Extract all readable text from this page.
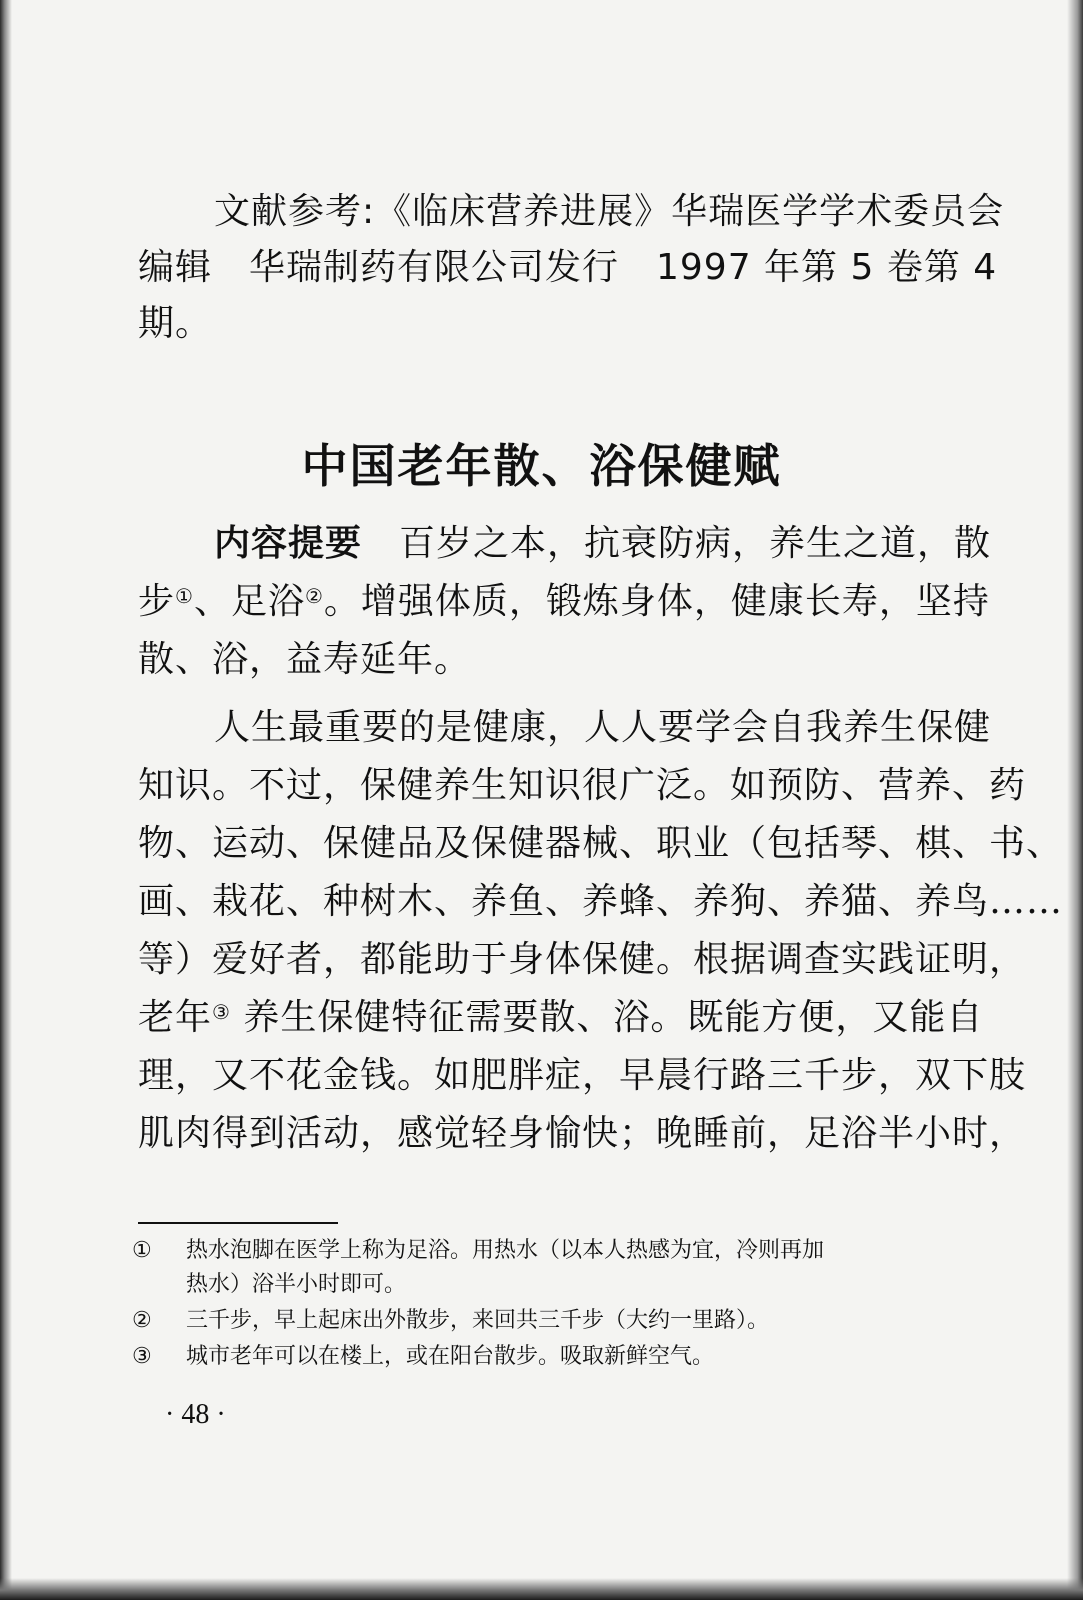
文献参考:《临床营养进展》华瑞医学学术委员会
编辑　华瑞制药有限公司发行　1997 年第 5 卷第 4
期。
中国老年散、浴保健赋
内容提要　百岁之本，抗衰防病，养生之道，散
步①、足浴②。增强体质，锻炼身体，健康长寿，坚持
散、浴，益寿延年。
人生最重要的是健康，人人要学会自我养生保健
知识。不过，保健养生知识很广泛。如预防、营养、药
物、运动、保健品及保健器械、职业（包括琴、棋、书、
画、栽花、种树木、养鱼、养蜂、养狗、养猫、养鸟……
等）爱好者，都能助于身体保健。根据调查实践证明，
老年③ 养生保健特征需要散、浴。既能方便，又能自
理，又不花金钱。如肥胖症，早晨行路三千步，双下肢
肌肉得到活动，感觉轻身愉快；晚睡前，足浴半小时，
① 热水泡脚在医学上称为足浴。用热水（以本人热感为宜，冷则再加
热水）浴半小时即可。
② 三千步，早上起床出外散步，来回共三千步（大约一里路）。
③ 城市老年可以在楼上，或在阳台散步。吸取新鲜空气。
· 48 ·
